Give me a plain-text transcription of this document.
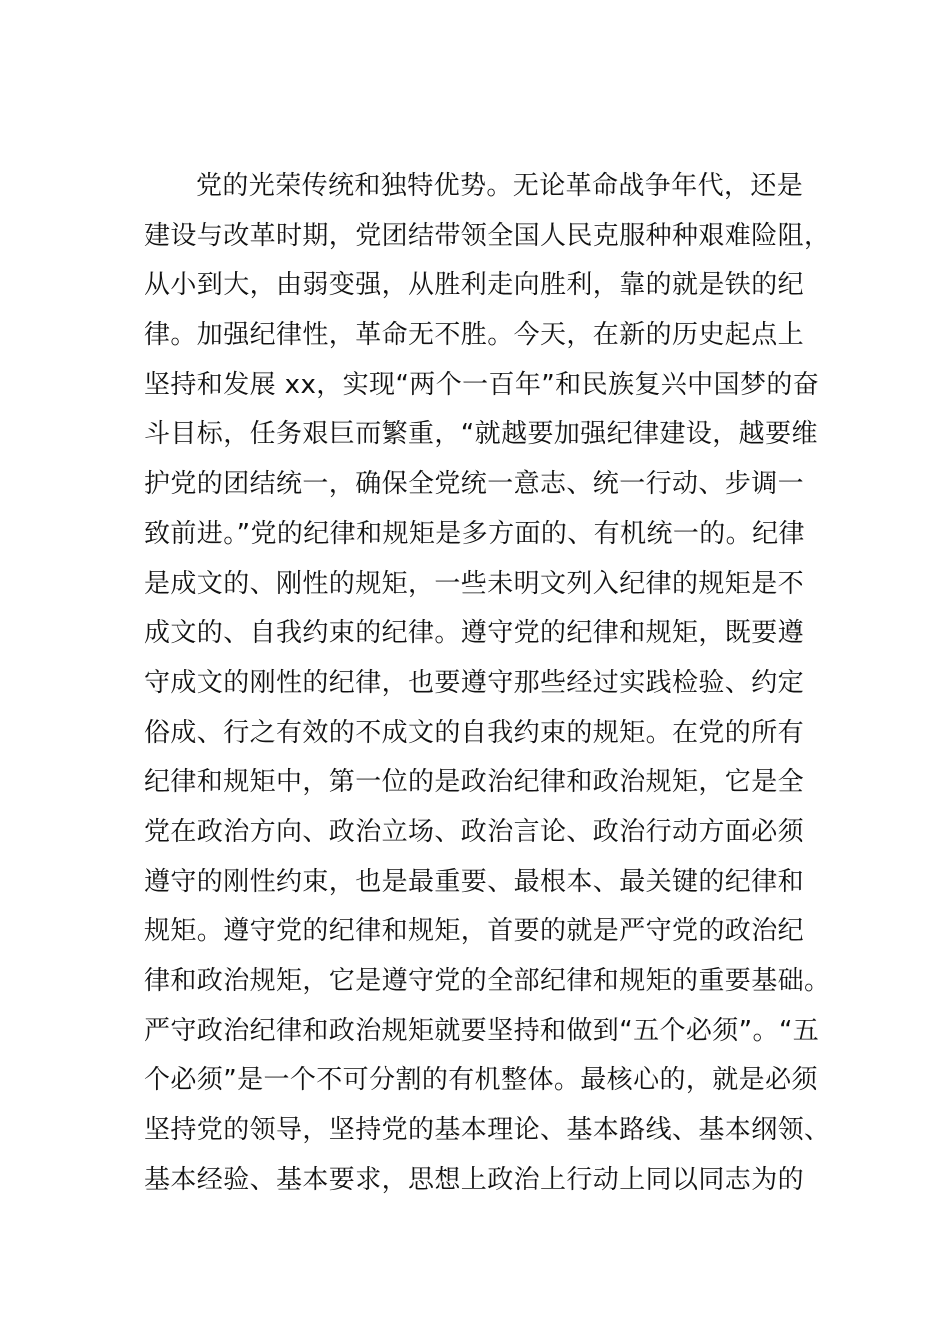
党的光荣传统和独特优势。无论革命战争年代，还是
建设与改革时期，党团结带领全国人民克服种种艰难险阻，
从小到大，由弱变强，从胜利走向胜利，靠的就是铁的纪
律。加强纪律性，革命无不胜。今天，在新的历史起点上
坚持和发展 xx，实现“两个一百年”和民族复兴中国梦的奋
斗目标，任务艰巨而繁重，“就越要加强纪律建设，越要维
护党的团结统一，确保全党统一意志、统一行动、步调一
致前进。”党的纪律和规矩是多方面的、有机统一的。纪律
是成文的、刚性的规矩，一些未明文列入纪律的规矩是不
成文的、自我约束的纪律。遵守党的纪律和规矩，既要遵
守成文的刚性的纪律，也要遵守那些经过实践检验、约定
俗成、行之有效的不成文的自我约束的规矩。在党的所有
纪律和规矩中，第一位的是政治纪律和政治规矩，它是全
党在政治方向、政治立场、政治言论、政治行动方面必须
遵守的刚性约束，也是最重要、最根本、最关键的纪律和
规矩。遵守党的纪律和规矩，首要的就是严守党的政治纪
律和政治规矩，它是遵守党的全部纪律和规矩的重要基础。
严守政治纪律和政治规矩就要坚持和做到“五个必须”。“五
个必须”是一个不可分割的有机整体。最核心的，就是必须
坚持党的领导，坚持党的基本理论、基本路线、基本纲领、
基本经验、基本要求，思想上政治上行动上同以同志为的
